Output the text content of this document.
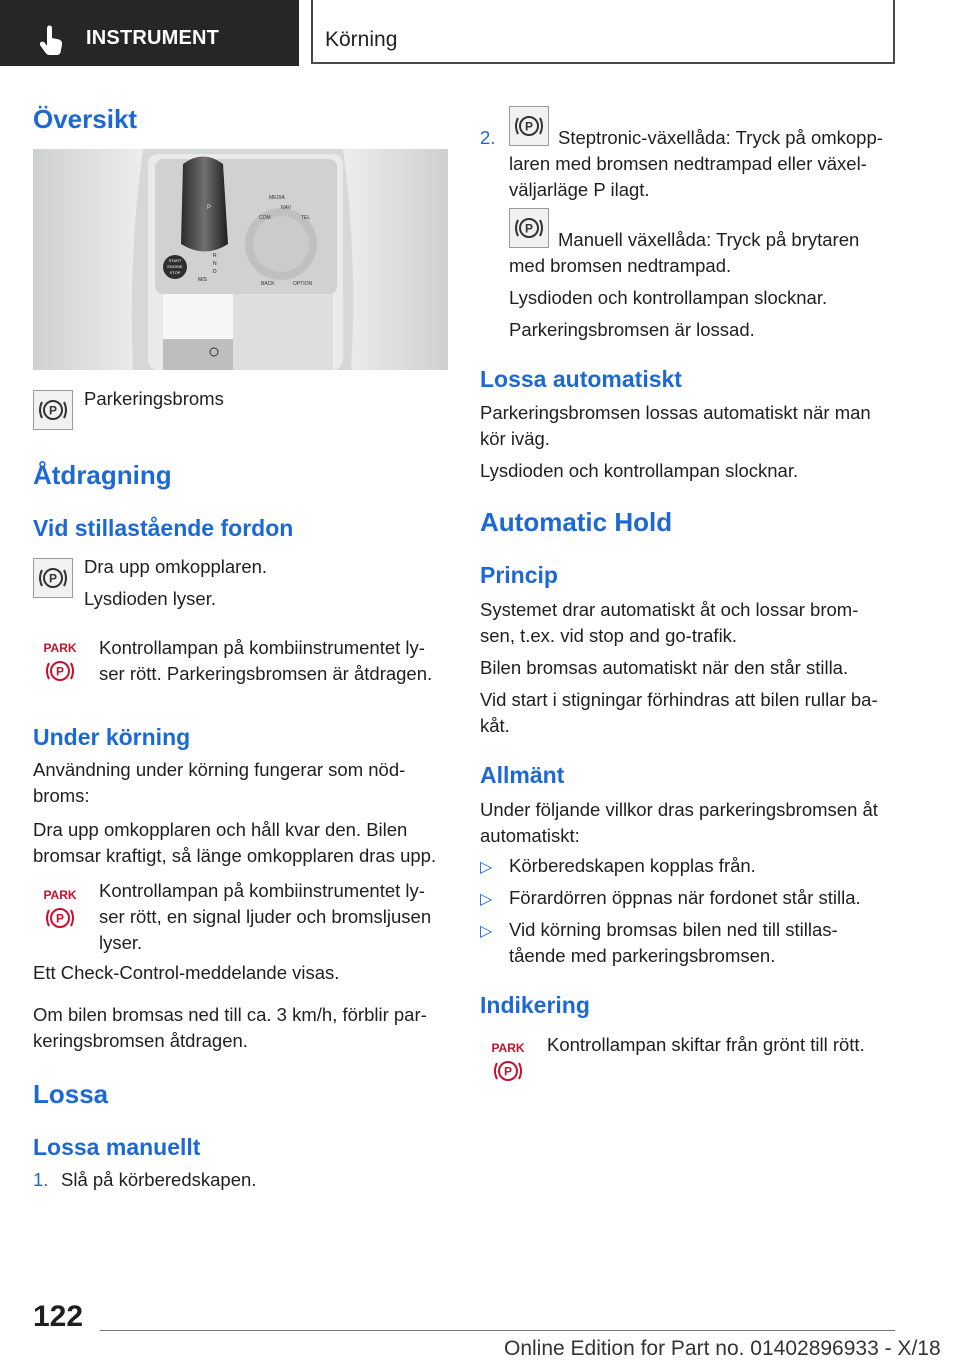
INSTRUMENT	Körning
Översikt
START
ENGINE
STOP
COM
NAV
TEL
MEDIA
BACK	OPTION
P
R
N
D
M/S
P
Parkeringsbroms
Åtdragning
Vid stillastående fordon
P
Dra upp omkopplaren.
Lysdioden lyser.
PARK
P
Kontrollampan på kombiinstrumentet ly-
ser rött. Parkeringsbromsen är åtdragen.
Under körning
Användning under körning fungerar som nöd-
broms:
Dra upp omkopplaren och håll kvar den. Bilen
bromsar kraftigt, så länge omkopplaren dras upp.
PARK
P
Kontrollampan på kombiinstrumentet ly-
ser rött, en signal ljuder och bromsljusen
lyser.
Ett Check-Control-meddelande visas.
Om bilen bromsas ned till ca. 3 km/h, förblir par-
keringsbromsen åtdragen.
Lossa
Lossa manuellt
1. Slå på körberedskapen.
2.
P
Steptronic-växellåda: Tryck på omkopp-
laren med bromsen nedtrampad eller växel-
väljarläge P ilagt.
P
Manuell växellåda: Tryck på brytaren
med bromsen nedtrampad.
Lysdioden och kontrollampan slocknar.
Parkeringsbromsen är lossad.
Lossa automatiskt
Parkeringsbromsen lossas automatiskt när man
kör iväg.
Lysdioden och kontrollampan slocknar.
Automatic Hold
Princip
Systemet drar automatiskt åt och lossar brom-
sen, t.ex. vid stop and go-trafik.
Bilen bromsas automatiskt när den står stilla.
Vid start i stigningar förhindras att bilen rullar ba-
kåt.
Allmänt
Under följande villkor dras parkeringsbromsen åt
automatiskt:
▷ Körberedskapen kopplas från.
▷ Förardörren öppnas när fordonet står stilla.
▷ Vid körning bromsas bilen ned till stillas-
tående med parkeringsbromsen.
Indikering
PARK
P
Kontrollampan skiftar från grönt till rött.
122
Online Edition for Part no. 01402896933 - X/18
